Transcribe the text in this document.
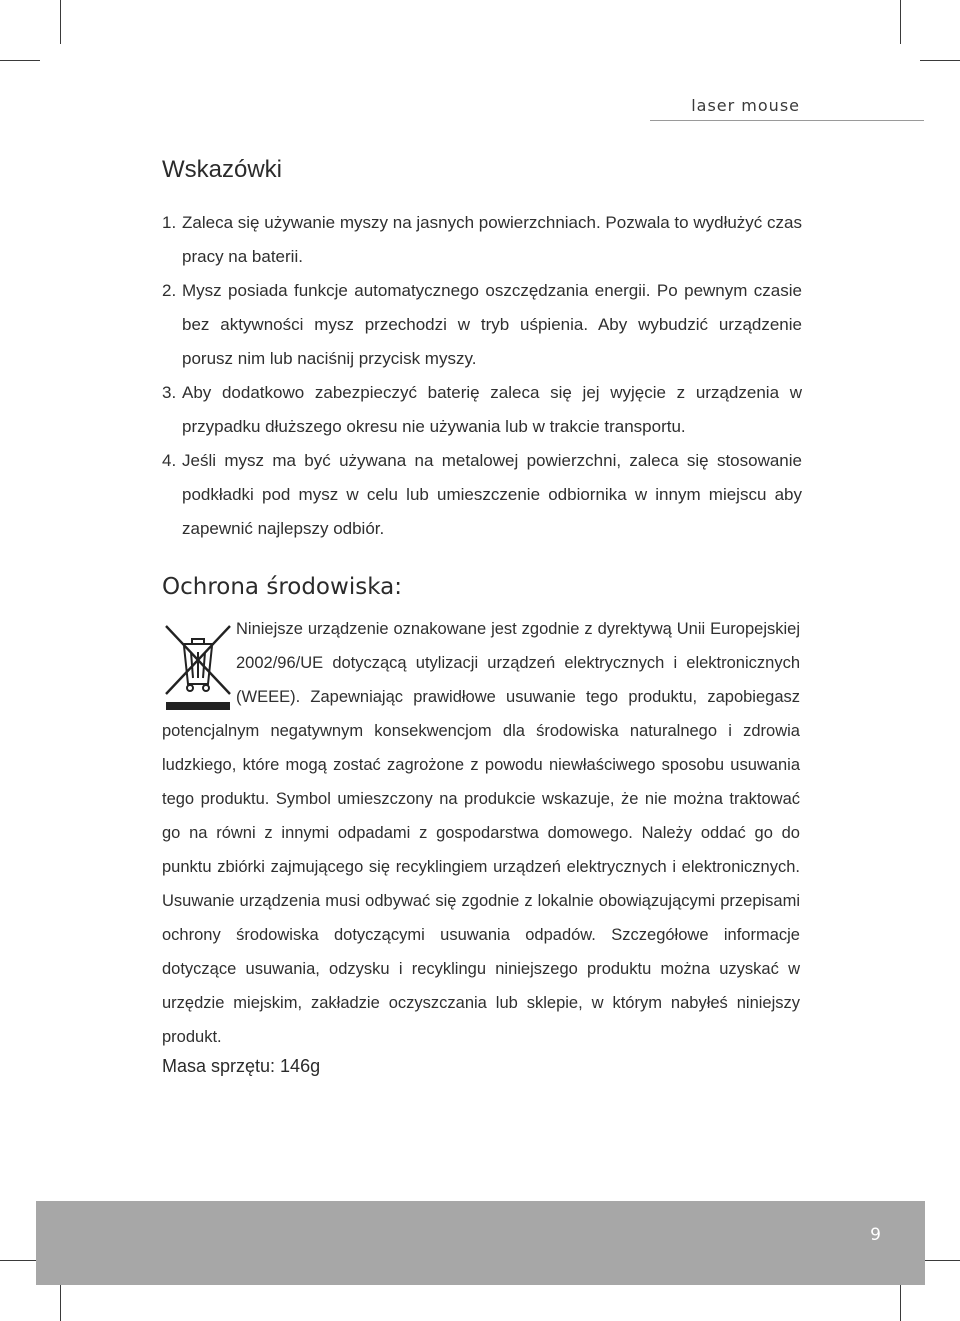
laser mouse
Wskazówki
1. Zaleca się używanie myszy na jasnych powierzchniach. Pozwala to wydłużyć czas pracy na baterii.
2. Mysz posiada funkcje automatycznego oszczędzania energii. Po pewnym czasie bez aktywności mysz przechodzi w tryb uśpienia. Aby wybudzić urządzenie porusz nim lub naciśnij przycisk myszy.
3. Aby dodatkowo zabezpieczyć baterię zaleca się jej wyjęcie z urządzenia w przypadku dłuższego okresu nie używania lub w trakcie transportu.
4. Jeśli mysz ma być używana na metalowej powierzchni, zaleca się stosowanie podkładki pod mysz w celu lub umieszczenie odbiornika w innym miejscu aby zapewnić najlepszy odbiór.
Ochrona środowiska:

Niniejsze urządzenie oznakowane jest zgodnie z dyrektywą Unii Europejskiej 2002/96/UE dotyczącą utylizacji urządzeń elektrycznych i elektronicznych (WEEE). Zapewniając prawidłowe usuwanie tego produktu, zapobiegasz potencjalnym negatywnym konsekwencjom dla środowiska naturalnego i zdrowia ludzkiego, które mogą zostać zagrożone z powodu niewłaściwego sposobu usuwania tego produktu. Symbol umieszczony na produkcie wskazuje, że nie można traktować go na równi z innymi odpadami z gospodarstwa domowego. Należy oddać go do punktu zbiórki zajmującego się recyklingiem urządzeń elektrycznych i elektronicznych. Usuwanie urządzenia musi odbywać się zgodnie z lokalnie obowiązującymi przepisami ochrony środowiska dotyczącymi usuwania odpadów. Szczegółowe informacje dotyczące usuwania, odzysku i recyklingu niniejszego produktu można uzyskać w urzędzie miejskim, zakładzie oczyszczania lub sklepie, w którym nabyłeś niniejszy produkt.

Masa sprzętu: 146g
9
